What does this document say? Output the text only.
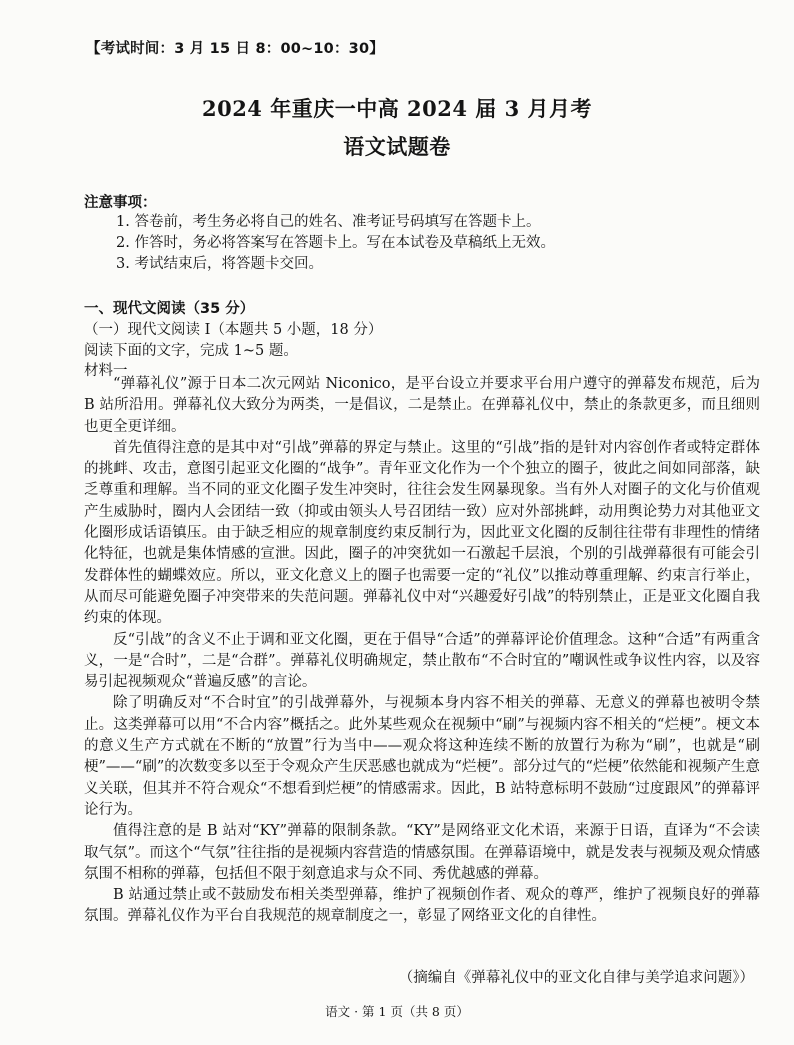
【考试时间：3 月 15 日 8：00~10：30】
2024 年重庆一中高 2024 届 3 月月考
语文试题卷
注意事项：
1. 答卷前，考生务必将自己的姓名、准考证号码填写在答题卡上。
2. 作答时，务必将答案写在答题卡上。写在本试卷及草稿纸上无效。
3. 考试结束后，将答题卡交回。
一、现代文阅读（35 分）
（一）现代文阅读 I（本题共 5 小题，18 分）
阅读下面的文字，完成 1~5 题。
材料一

“弹幕礼仪”源于日本二次元网站 Niconico，是平台设立并要求平台用户遵守的弹幕发布规范，后为 B 站所沿用。弹幕礼仪大致分为两类，一是倡议，二是禁止。在弹幕礼仪中，禁止的条款更多，而且细则也更全更详细。

首先值得注意的是其中对“引战”弹幕的界定与禁止。这里的“引战”指的是针对内容创作者或特定群体的挑衅、攻击，意图引起亚文化圈的“战争”。青年亚文化作为一个个独立的圈子，彼此之间如同部落，缺乏尊重和理解。当不同的亚文化圈子发生冲突时，往往会发生网暴现象。当有外人对圈子的文化与价值观产生威胁时，圈内人会团结一致（抑或由领头人号召团结一致）应对外部挑衅，动用舆论势力对其他亚文化圈形成话语镇压。由于缺乏相应的规章制度约束反制行为，因此亚文化圈的反制往往带有非理性的情绪化特征，也就是集体情感的宣泄。因此，圈子的冲突犹如一石激起千层浪，个别的引战弹幕很有可能会引发群体性的蝴蝶效应。所以，亚文化意义上的圈子也需要一定的“礼仪”以推动尊重理解、约束言行举止，从而尽可能避免圈子冲突带来的失范问题。弹幕礼仪中对“兴趣爱好引战”的特别禁止，正是亚文化圈自我约束的体现。

反“引战”的含义不止于调和亚文化圈，更在于倡导“合适”的弹幕评论价值理念。这种“合适”有两重含义，一是“合时”，二是“合群”。弹幕礼仪明确规定，禁止散布“不合时宜的”嘲讽性或争议性内容，以及容易引起视频观众“普遍反感”的言论。

除了明确反对“不合时宜”的引战弹幕外，与视频本身内容不相关的弹幕、无意义的弹幕也被明令禁止。这类弹幕可以用“不合内容”概括之。此外某些观众在视频中“刷”与视频内容不相关的“烂梗”。梗文本的意义生产方式就在不断的“放置”行为当中——观众将这种连续不断的放置行为称为“刷”，也就是“刷梗”——“刷”的次数变多以至于令观众产生厌恶感也就成为“烂梗”。部分过气的“烂梗”依然能和视频产生意义关联，但其并不符合观众“不想看到烂梗”的情感需求。因此，B 站特意标明不鼓励“过度跟风”的弹幕评论行为。

值得注意的是 B 站对“KY”弹幕的限制条款。“KY”是网络亚文化术语，来源于日语，直译为“不会读取气氛”。而这个“气氛”往往指的是视频内容营造的情感氛围。在弹幕语境中，就是发表与视频及观众情感氛围不相称的弹幕，包括但不限于刻意追求与众不同、秀优越感的弹幕。

B 站通过禁止或不鼓励发布相关类型弹幕，维护了视频创作者、观众的尊严，维护了视频良好的弹幕氛围。弹幕礼仪作为平台自我规范的规章制度之一，彰显了网络亚文化的自律性。

（摘编自《弹幕礼仪中的亚文化自律与美学追求问题》）
语文 · 第 1 页（共 8 页）
